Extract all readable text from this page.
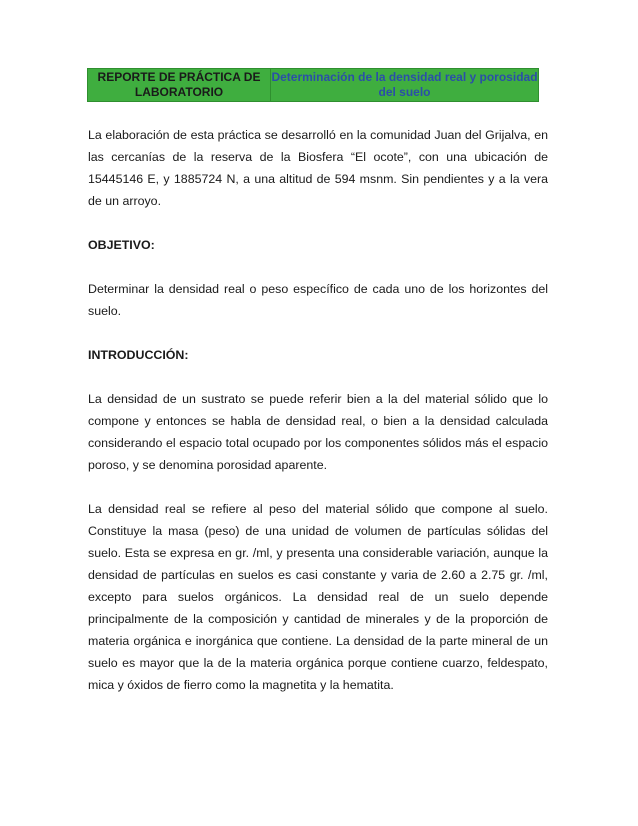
REPORTE DE PRÁCTICA DE LABORATORIO
Determinación de la densidad real y porosidad del suelo

La elaboración de esta práctica se desarrolló en la comunidad Juan del Grijalva, en las cercanías de la reserva de la Biosfera “El ocote”, con una ubicación de 15445146 E, y 1885724 N, a una altitud de 594 msnm. Sin pendientes y a la vera de un arroyo.

OBJETIVO:

Determinar la densidad real o peso específico de cada uno de los horizontes del suelo.

INTRODUCCIÓN:

La densidad de un sustrato se puede referir bien a la del material sólido que lo compone y entonces se habla de densidad real, o bien a la densidad calculada considerando el espacio total ocupado por los componentes sólidos más el espacio poroso, y se denomina porosidad aparente.

La densidad real se refiere al peso del material sólido que compone al suelo. Constituye la masa (peso) de una unidad de volumen de partículas sólidas del suelo. Esta se expresa en gr. /ml, y presenta una considerable variación, aunque la densidad de partículas en suelos es casi constante y varia de 2.60 a 2.75 gr. /ml, excepto para suelos orgánicos. La densidad real de un suelo depende principalmente de la composición y cantidad de minerales y de la proporción de materia orgánica e inorgánica que contiene. La densidad de la parte mineral de un suelo es mayor que la de la materia orgánica porque contiene cuarzo, feldespato, mica y óxidos de fierro como la magnetita y la hematita.
